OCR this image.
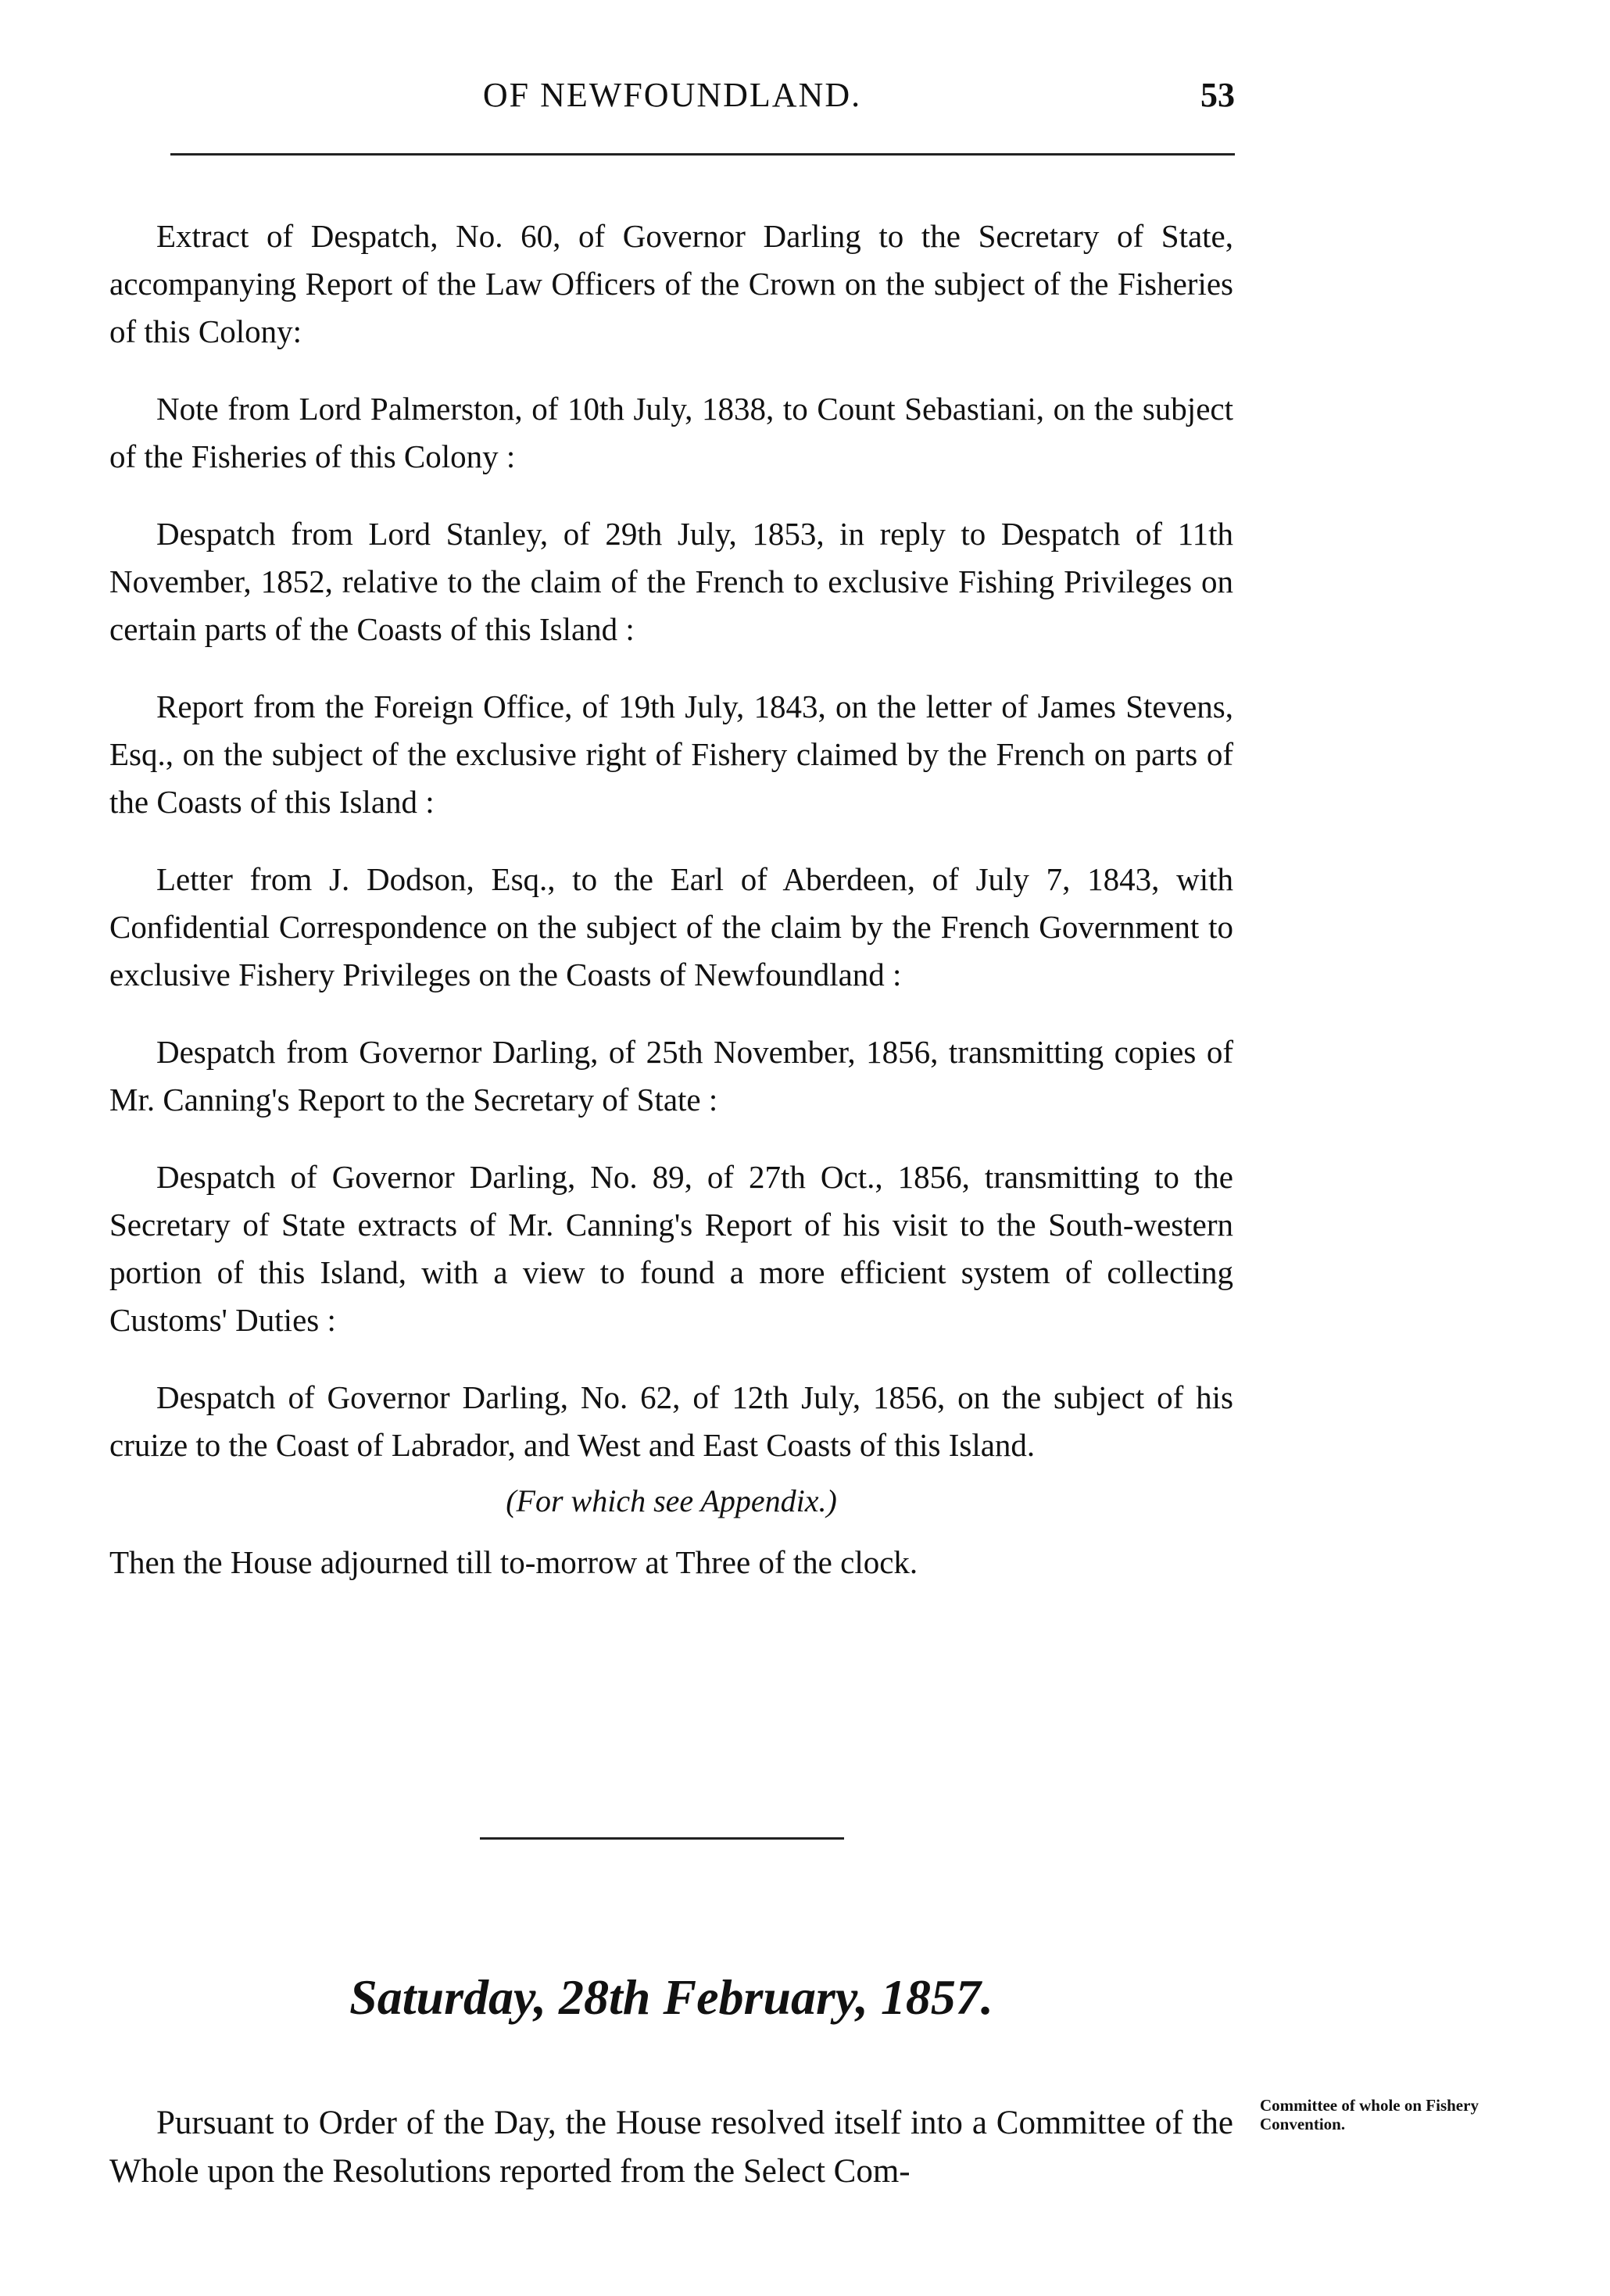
OF NEWFOUNDLAND.	53

Extract of Despatch, No. 60, of Governor Darling to the Secretary of State, accompanying Report of the Law Officers of the Crown on the subject of the Fisheries of this Colony:

Note from Lord Palmerston, of 10th July, 1838, to Count Sebastiani, on the subject of the Fisheries of this Colony :

Despatch from Lord Stanley, of 29th July, 1853, in reply to Despatch of 11th November, 1852, relative to the claim of the French to exclusive Fishing Privileges on certain parts of the Coasts of this Island :

Report from the Foreign Office, of 19th July, 1843, on the letter of James Stevens, Esq., on the subject of the exclusive right of Fishery claimed by the French on parts of the Coasts of this Island :

Letter from J. Dodson, Esq., to the Earl of Aberdeen, of July 7, 1843, with Confidential Correspondence on the subject of the claim by the French Government to exclusive Fishery Privileges on the Coasts of Newfoundland :

Despatch from Governor Darling, of 25th November, 1856, transmitting copies of Mr. Canning's Report to the Secretary of State :

Despatch of Governor Darling, No. 89, of 27th Oct., 1856, transmitting to the Secretary of State extracts of Mr. Canning's Report of his visit to the South-western portion of this Island, with a view to found a more efficient system of collecting Customs' Duties :

Despatch of Governor Darling, No. 62, of 12th July, 1856, on the subject of his cruize to the Coast of Labrador, and West and East Coasts of this Island.

(For which see Appendix.)

Then the House adjourned till to-morrow at Three of the clock.

Saturday, 28th February, 1857.

Pursuant to Order of the Day, the House resolved itself into a Committee of the Whole upon the Resolutions reported from the Select Com-

Committee of whole on Fishery Convention.
